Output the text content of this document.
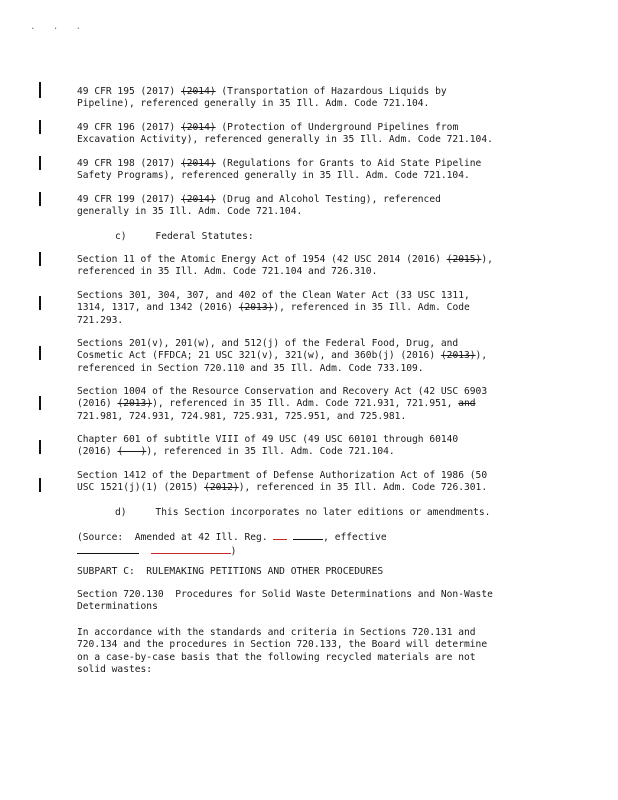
. . .

49 CFR 195 (2017) (2014) (Transportation of Hazardous Liquids by
Pipeline), referenced generally in 35 Ill. Adm. Code 721.104.

49 CFR 196 (2017) (2014) (Protection of Underground Pipelines from
Excavation Activity), referenced generally in 35 Ill. Adm. Code 721.104.

49 CFR 198 (2017) (2014) (Regulations for Grants to Aid State Pipeline
Safety Programs), referenced generally in 35 Ill. Adm. Code 721.104.

49 CFR 199 (2017) (2014) (Drug and Alcohol Testing), referenced
generally in 35 Ill. Adm. Code 721.104.

c)     Federal Statutes:

Section 11 of the Atomic Energy Act of 1954 (42 USC 2014 (2016) (2015)),
referenced in 35 Ill. Adm. Code 721.104 and 726.310.

Sections 301, 304, 307, and 402 of the Clean Water Act (33 USC 1311,
1314, 1317, and 1342 (2016) (2013)), referenced in 35 Ill. Adm. Code
721.293.

Sections 201(v), 201(w), and 512(j) of the Federal Food, Drug, and
Cosmetic Act (FFDCA; 21 USC 321(v), 321(w), and 360b(j) (2016) (2013)),
referenced in Section 720.110 and 35 Ill. Adm. Code 733.109.

Section 1004 of the Resource Conservation and Recovery Act (42 USC 6903
(2016) (2013)), referenced in 35 Ill. Adm. Code 721.931, 721.951, and
721.981, 724.931, 724.981, 725.931, 725.951, and 725.981.

Chapter 601 of subtitle VIII of 49 USC (49 USC 60101 through 60140
(2016) (   )), referenced in 35 Ill. Adm. Code 721.104.

Section 1412 of the Department of Defense Authorization Act of 1986 (50
USC 1521(j)(1) (2015) (2012)), referenced in 35 Ill. Adm. Code 726.301.

d)     This Section incorporates no later editions or amendments.

(Source:  Amended at 42 Ill. Reg.	, effective
)

SUBPART C:  RULEMAKING PETITIONS AND OTHER PROCEDURES

Section 720.130  Procedures for Solid Waste Determinations and Non-Waste
Determinations

In accordance with the standards and criteria in Sections 720.131 and
720.134 and the procedures in Section 720.133, the Board will determine
on a case-by-case basis that the following recycled materials are not
solid wastes:
